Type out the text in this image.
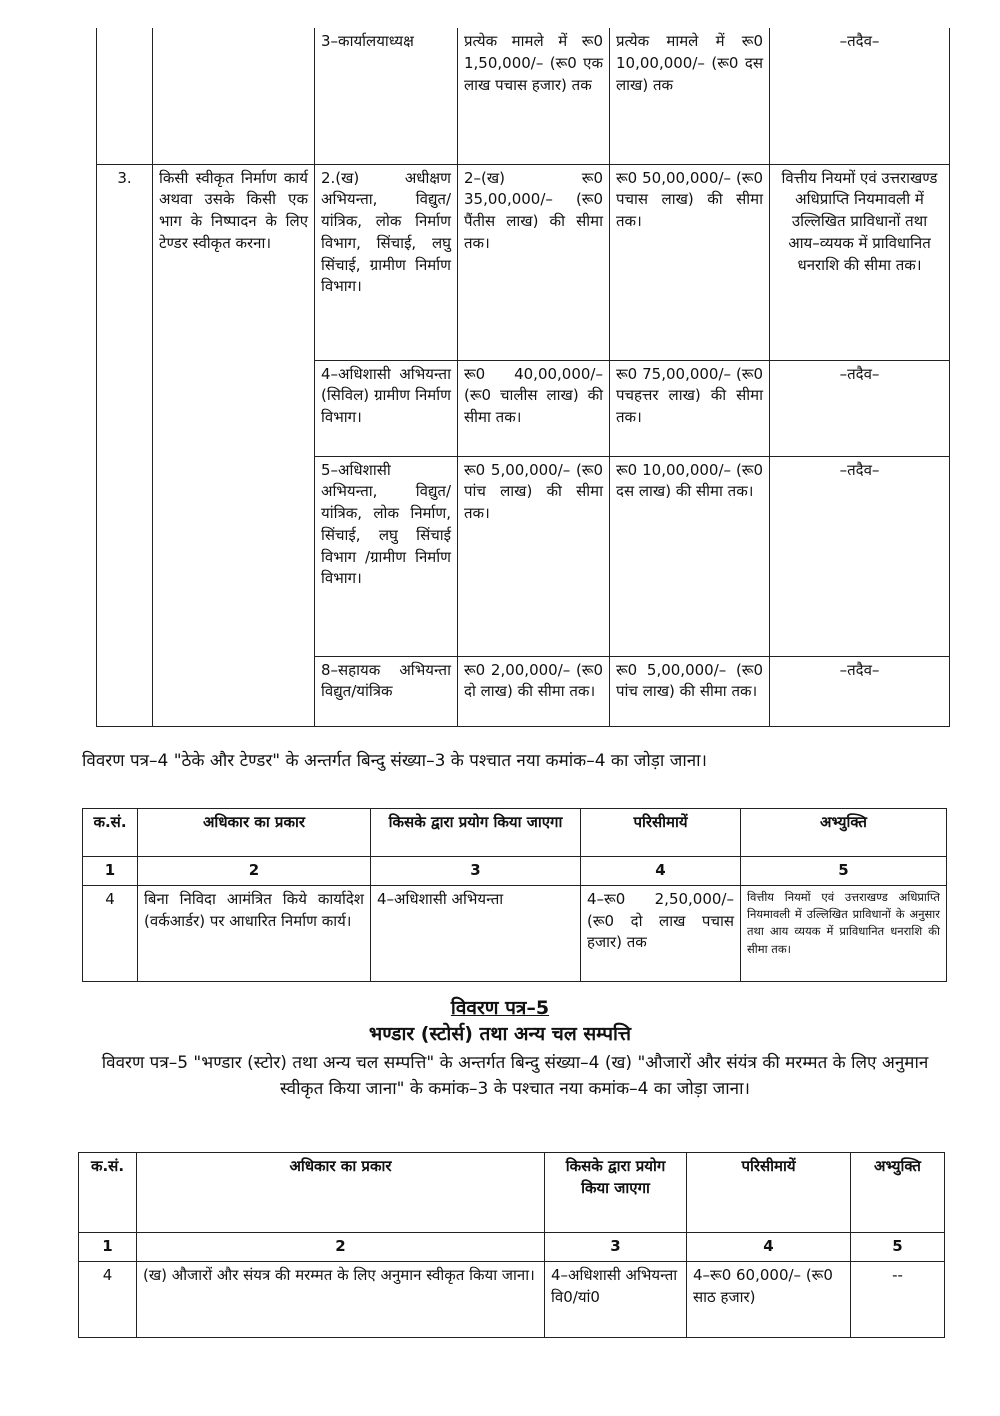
		3–कार्यालयाध्यक्ष	प्रत्येक मामले में रू0 1,50,000/– (रू0 एक लाख पचास हजार) तक	प्रत्येक मामले में रू0 10,00,000/– (रू0 दस लाख) तक	–तदैव–
3.	किसी स्वीकृत निर्माण कार्य अथवा उसके किसी एक भाग के निष्पादन के लिए टेण्डर स्वीकृत करना।	2.(ख) अधीक्षण अभियन्ता, विद्युत/ यांत्रिक, लोक निर्माण विभाग, सिंचाई, लघु सिंचाई, ग्रामीण निर्माण विभाग।	2–(ख) रू0 35,00,000/– (रू0 पैंतीस लाख) की सीमा तक।	रू0 50,00,000/– (रू0 पचास लाख) की सीमा तक।	वित्तीय नियमों एवं उत्तराखण्ड अधिप्राप्ति नियमावली में उल्लिखित प्राविधानों तथा आय–व्ययक में प्राविधानित धनराशि की सीमा तक।
		4–अधिशासी अभियन्ता (सिविल) ग्रामीण निर्माण विभाग।	रू0 40,00,000/– (रू0 चालीस लाख) की सीमा तक।	रू0 75,00,000/– (रू0 पचहत्तर लाख) की सीमा तक।	–तदैव–
		5–अधिशासी अभियन्ता, विद्युत/ यांत्रिक, लोक निर्माण, सिंचाई, लघु सिंचाई विभाग /ग्रामीण निर्माण विभाग।	रू0 5,00,000/– (रू0 पांच लाख) की सीमा तक।	रू0 10,00,000/– (रू0 दस लाख) की सीमा तक।	–तदैव–
		8–सहायक अभियन्ता विद्युत/यांत्रिक	रू0 2,00,000/– (रू0 दो लाख) की सीमा तक।	रू0 5,00,000/– (रू0 पांच लाख) की सीमा तक।	–तदैव–
विवरण पत्र–4 "ठेके और टेण्डर" के अन्तर्गत बिन्दु संख्या–3 के पश्चात नया कमांक–4 का जोड़ा जाना।
क.सं.	अधिकार का प्रकार	किसके द्वारा प्रयोग किया जाएगा	परिसीमायें	अभ्युक्ति
1	2	3	4	5
4	बिना निविदा आमंत्रित किये कार्यादेश (वर्कआर्डर) पर आधारित निर्माण कार्य।	4–अधिशासी अभियन्ता	4–रू0 2,50,000/– (रू0 दो लाख पचास हजार) तक	वित्तीय नियमों एवं उत्तराखण्ड अधिप्राप्ति नियमावली में उल्लिखित प्राविधानों के अनुसार तथा आय व्ययक में प्राविधानित धनराशि की सीमा तक।
विवरण पत्र–5
भण्डार (स्टोर्स) तथा अन्य चल सम्पत्ति
विवरण पत्र–5 "भण्डार (स्टोर) तथा अन्य चल सम्पत्ति" के अन्तर्गत बिन्दु संख्या–4 (ख) "औजारों और संयंत्र की मरम्मत के लिए अनुमान स्वीकृत किया जाना" के कमांक–3 के पश्चात नया कमांक–4 का जोड़ा जाना।
क.सं.	अधिकार का प्रकार	किसके द्वारा प्रयोग किया जाएगा	परिसीमायें	अभ्युक्ति
1	2	3	4	5
4	(ख) औजारों और संयत्र की मरम्मत के लिए अनुमान स्वीकृत किया जाना।	4–अधिशासी अभियन्ता वि0/यां0	4–रू0 60,000/– (रू0 साठ हजार)	--
